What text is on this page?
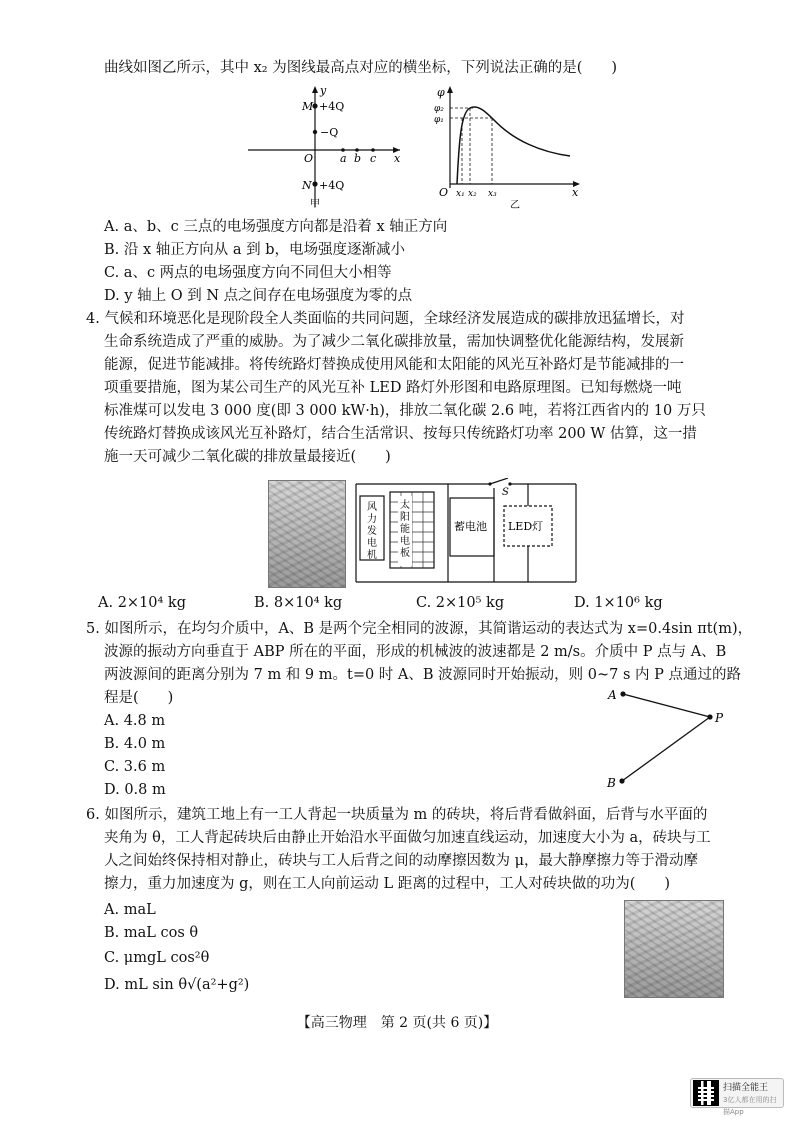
曲线如图乙所示，其中 x₂ 为图线最高点对应的横坐标，下列说法正确的是(　　)
y
M +4Q
−Q
O a b c x
N +4Q
甲
φ
φ₂
φ₁
O x₁ x₂ x₃	x
乙
A. a、b、c 三点的电场强度方向都是沿着 x 轴正方向
B. 沿 x 轴正方向从 a 到 b，电场强度逐渐减小
C. a、c 两点的电场强度方向不同但大小相等
D. y 轴上 O 到 N 点之间存在电场强度为零的点
4. 气候和环境恶化是现阶段全人类面临的共同问题，全球经济发展造成的碳排放迅猛增长，对
生命系统造成了严重的威胁。为了减少二氧化碳排放量，需加快调整优化能源结构，发展新
能源，促进节能减排。将传统路灯替换成使用风能和太阳能的风光互补路灯是节能减排的一
项重要措施，图为某公司生产的风光互补 LED 路灯外形图和电路原理图。已知每燃烧一吨
标准煤可以发电 3 000 度(即 3 000 kW·h)，排放二氧化碳 2.6 吨，若将江西省内的 10 万只
传统路灯替换成该风光互补路灯，结合生活常识、按每只传统路灯功率 200 W 估算，这一措
施一天可减少二氧化碳的排放量最接近(　　)
S
风力发电机
太阳能电板
蓄电池 LED灯
A. 2×10⁴ kg	B. 8×10⁴ kg	C. 2×10⁵ kg	D. 1×10⁶ kg
5. 如图所示，在均匀介质中，A、B 是两个完全相同的波源，其简谐运动的表达式为 x=0.4sin πt(m)，
波源的振动方向垂直于 ABP 所在的平面，形成的机械波的波速都是 2 m/s。介质中 P 点与 A、B
两波源间的距离分别为 7 m 和 9 m。t=0 时 A、B 波源同时开始振动，则 0~7 s 内 P 点通过的路
程是(　　)	A
P
B
A. 4.8 m
B. 4.0 m
C. 3.6 m
D. 0.8 m
6. 如图所示，建筑工地上有一工人背起一块质量为 m 的砖块，将后背看做斜面，后背与水平面的
夹角为 θ，工人背起砖块后由静止开始沿水平面做匀加速直线运动，加速度大小为 a，砖块与工
人之间始终保持相对静止，砖块与工人后背之间的动摩擦因数为 μ，最大静摩擦力等于滑动摩
擦力，重力加速度为 g，则在工人向前运动 L 距离的过程中，工人对砖块做的功为(　　)
A. maL
B. maL cos θ
C. μmgL cos²θ
D. mL sin θ√(a²+g²)
【高三物理　第 2 页(共 6 页)】
扫描全能王
3亿人都在用的扫描App
